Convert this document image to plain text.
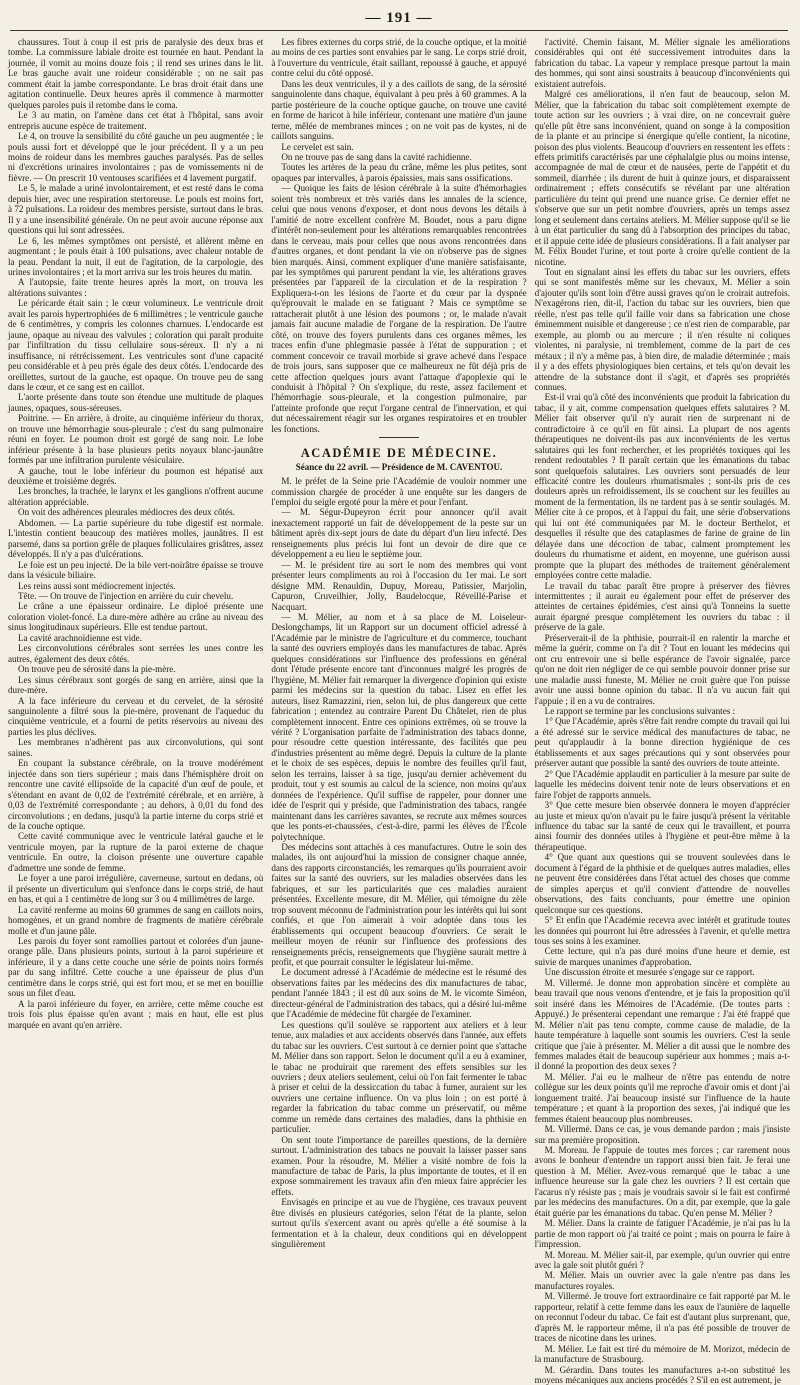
— 191 —

chaussures. Tout à coup il est pris de paralysie des deux bras et tombe. La commissure labiale droite est tournée en haut. Pendant la journée, il vomit au moins douze fois ; il rend ses urines dans le lit. Le bras gauche avait une roideur considérable ; on ne sait pas comment était la jambe correspondante. Le bras droit était dans une agitation continuelle. Deux heures après il commence à marmotter quelques paroles puis il retombe dans le coma.

Le 3 au matin, on l'amène dans cet état à l'hôpital, sans avoir entrepris aucune espèce de traitement.

Le 4, on trouve la sensibilité du côté gauche un peu augmentée ; le pouls aussi fort et développé que le jour précédent. Il y a un peu moins de roideur dans les membres gauches paralysés. Pas de selles ni d'excrétions urinaires involontaires ; pas de vomissements ni de fièvre. — On prescrit 10 ventouses scarifiées et 4 lavement purgatif.

Le 5, le malade a uriné involontairement, et est resté dans le coma depuis hier, avec une respiration stertoreuse. Le pouls est moins fort, à 72 pulsations. La roideur des membres persiste, surtout dans le bras. Il y a une insensibilité générale. On ne peut avoir aucune réponse aux questions qui lui sont adressées.

Le 6, les mêmes symptômes ont persisté, et allèrent même en augmentant ; le pouls était à 100 pulsations, avec chaleur notable de la peau. Pendant la nuit, il eut de l'agitation, de la carpologie, des urines involontaires ; et la mort arriva sur les trois heures du matin.

A l'autopsie, faite trente heures après la mort, on trouva les altérations suivantes :

Le péricarde était sain ; le cœur volumineux. Le ventricule droit avait les parois hypertrophiées de 6 millimètres ; le ventricule gauche de 6 centimètres, y compris les colonnes charnues. L'endocarde est jaune, opaque au niveau des valvules ; coloration qui paraît produite par l'infiltration du tissu cellulaire sous-séreux. Il n'y a ni insuffisance, ni rétrécissement. Les ventricules sont d'une capacité peu considérable et à peu près égale des deux côtés. L'endocarde des oreillettes, surtout de la gauche, est opaque. On trouve peu de sang dans le cœur, et ce sang est en caillot.

L'aorte présente dans toute son étendue une multitude de plaques jaunes, opaques, sous-séreuses.

Poitrine. — En arrière, à droite, au cinquième inférieur du thorax, on trouve une hémorrhagie sous-pleurale ; c'est du sang pulmonaire réuni en foyer. Le poumon droit est gorgé de sang noir. Le lobe inférieur présente à la base plusieurs petits noyaux blanc-jaunâtre formés par une infiltration purulente vésiculaire.

A gauche, tout le lobe inférieur du poumon est hépatisé aux deuxième et troisième degrés.

Les bronches, la trachée, le larynx et les ganglions n'offrent aucune altération appréciable.

On voit des adhérences pleurales médiocres des deux côtés.

Abdomen. — La partie supérieure du tube digestif est normale. L'intestin contient beaucoup des matières molles, jaunâtres. Il est parsemé, dans sa portion grêle de plaques folliculaires grisâtres, assez développés. Il n'y a pas d'ulcérations.

Le foie est un peu injecté. De la bile vert-noirâtre épaisse se trouve dans la vésicule biliaire.

Les reins aussi sont médiocrement injectés.

Tête. — On trouve de l'injection en arrière du cuir chevelu.

Le crâne a une épaisseur ordinaire. Le diploé présente une coloration violet-foncé. La dure-mère adhère au crâne au niveau des sinus longitudinaux supérieurs. Elle est tendue partout.

La cavité arachnoïdienne est vide.

Les circonvolutions cérébrales sont serrées les unes contre les autres, également des deux côtés.

On trouve peu de sérosité dans la pie-mère.

Les sinus cérébraux sont gorgés de sang en arrière, ainsi que la dure-mère.

A la face inférieure du cerveau et du cervelet, de la sérosité sanguinolente a filtré sous la pie-mère, provenant de l'aqueduc du cinquième ventricule, et a fourni de petits réservoirs au niveau des parties les plus déclives.

Les membranes n'adhèrent pas aux circonvolutions, qui sont saines.

En coupant la substance cérébrale, on la trouve modérément injectée dans son tiers supérieur ; mais dans l'hémisphère droit on rencontre une cavité ellipsoïde de la capacité d'un œuf de poule, et s'étendant en avant de 0,02 de l'extrémité cérébrale, et en arrière, à 0,03 de l'extrémité correspondante ; au dehors, à 0,01 du fond des circonvolutions ; en dedans, jusqu'à la partie interne du corps strié et de la couche optique.

Cette cavité communique avec le ventricule latéral gauche et le ventricule moyen, par la rupture de la paroi externe de chaque ventricule. En outre, la cloison présente une ouverture capable d'admettre une sonde de femme.

Le foyer a une paroi irrégulière, caverneuse, surtout en dedans, où il présente un diverticulum qui s'enfonce dans le corps strié, de haut en bas, et qui a 1 centimètre de long sur 3 ou 4 millimètres de large.

La cavité renferme au moins 60 grammes de sang en caillots noirs, homogènes, et un grand nombre de fragments de matière cérébrale molle et d'un jaune pâle.

Les parois du foyer sont ramollies partout et colorées d'un jaune-orange pâle. Dans plusieurs points, surtout à la paroi supérieure et inférieure, il y a dans cette couche une série de points noirs formés par du sang infiltré. Cette couche a une épaisseur de plus d'un centimètre dans le corps strié, qui est fort mou, et se met en bouillie sous un filet d'eau.

A la paroi inférieure du foyer, en arrière, cette même couche est trois fois plus épaisse qu'en avant ; mais en haut, elle est plus marquée en avant qu'en arrière.

Les fibres externes du corps strié, de la couche optique, et la moitié au moins de ces parties sont envahies par le sang. Le corps strié droit, à l'ouverture du ventricule, était saillant, repoussé à gauche, et appuyé contre celui du côté opposé.

Dans les deux ventricules, il y a des caillots de sang, de la sérosité sanguinolente dans chaque, équivalant à peu près à 60 grammes. A la partie postérieure de la couche optique gauche, on trouve une cavité en forme de haricot à hile inférieur, contenant une matière d'un jaune terne, mêlée de membranes minces ; on ne voit pas de kystes, ni de caillots sanguins.

Le cervelet est sain.

On ne trouve pas de sang dans la cavité rachidienne.

Toutes les artères de la peau du crâne, même les plus petites, sont opaques par intervalles, à parois épaissies, mais sans ossifications.

— Quoique les faits de lésion cérébrale à la suite d'hémorhagies soient très nombreux et très variés dans les annales de la science, celui que nous venons d'exposer, et dont nous devons les détails à l'amitié de notre excellent confrère M. Boudet, nous a paru digne d'intérêt non-seulement pour les altérations remarquables rencontrées dans le cerveau, mais pour celles que nous avons rencontrées dans d'autres organes, et dont pendant la vie on n'observe pas de signes bien marqués. Ainsi, comment expliquer d'une manière satisfaisante, par les symptômes qui parurent pendant la vie, les altérations graves présentées par l'appareil de la circulation et de la respiration ? Expliquera-t-on les lésions de l'aorte et du cœur par la dyspnée qu'éprouvait le malade en se fatiguant ? Mais ce symptôme se rattacherait plutôt à une lésion des poumons ; or, le malade n'avait jamais fait aucune maladie de l'organe de la respiration. De l'autre côté, on trouve des foyers purulents dans ces organes mêmes, les traces enfin d'une phlegmasie passée à l'état de suppuration ; et comment concevoir ce travail morbide si grave achevé dans l'espace de trois jours, sans supposer que ce malheureux ne fût déjà pris de cette affection quelques jours avant l'attaque d'apoplexie qui le conduisit à l'hôpital ? On s'explique, du reste, assez facilement et l'hémorrhagie sous-pleurale, et la congestion pulmonaire, par l'atteinte profonde que reçut l'organe central de l'innervation, et qui dut nécessairement réagir sur les organes respiratoires et en troubler les fonctions.

ACADÉMIE DE MÉDECINE.
Séance du 22 avril. — Présidence de M. CAVENTOU.

M. le préfet de la Seine prie l'Académie de vouloir nommer une commission chargée de procéder à une enquête sur les dangers de l'emploi du seigle ergoté pour la mère et pour l'enfant.

— M. Ségur-Dupeyron écrit pour annoncer qu'il avait inexactement rapporté un fait de développement de la peste sur un bâtiment après dix-sept jours de date du départ d'un lieu infecté. Des renseignements plus précis lui font un devoir de dire que ce développement a eu lieu le septième jour.

— M. le président tire au sort le nom des membres qui vont présenter leurs compliments au roi à l'occasion du 1er mai. Le sort désigne MM. Renauldin, Dupuy, Moreau, Patissier, Marjolin, Capuron, Cruveilhier, Jolly, Baudelocque, Réveillé-Parise et Nacquart.

— M. Mélier, au nom et à sa place de M. Loiseleur-Deslongchamps, lit un Rapport sur un document officiel adressé à l'Académie par le ministre de l'agriculture et du commerce, touchant la santé des ouvriers employés dans les manufactures de tabac. Après quelques considérations sur l'influence des professions en général dont l'étude présente encore tant d'inconnues malgré les progrès de l'hygiène, M. Mélier fait remarquer la divergence d'opinion qui existe parmi les médecins sur la question du tabac. Lisez en effet les auteurs, lisez Ramazzini, rien, selon lui, de plus dangereux que cette fabrication ; entendez au contraire Parent Du Châtelet, rien de plus complètement innocent. Entre ces opinions extrêmes, où se trouve la vérité ? L'organisation parfaite de l'administration des tabacs donne, pour résoudre cette question intéressante, des facilités que peu d'industries présentent au même degré. Depuis la culture de la plante et le choix de ses espèces, depuis le nombre des feuilles qu'il faut, selon les terrains, laisser à sa tige, jusqu'au dernier achèvement du produit, tout y est soumis au calcul de la science, non moins qu'aux données de l'expérience. Qu'il suffise de rappeler, pour donner une idée de l'esprit qui y préside, que l'administration des tabacs, rangée maintenant dans les carrières savantes, se recrute aux mêmes sources que les ponts-et-chaussées, c'est-à-dire, parmi les élèves de l'École polytechnique.

Des médecins sont attachés à ces manufactures. Outre le soin des malades, ils ont aujourd'hui la mission de consigner chaque année, dans des rapports circonstanciés, les remarques qu'ils pourraient avoir faites sur la santé des ouvriers, sur les maladies observées dans les fabriques, et sur les particularités que ces maladies auraient présentées. Excellente mesure, dit M. Mélier, qui témoigne du zèle trop souvent méconnu de l'administration pour les intérêts qui lui sont confiés, et que l'on aimerait à voir adoptée dans tous les établissements qui occupent beaucoup d'ouvriers. Ce serait le meilleur moyen de réunir sur l'influence des professions des renseignements précis, renseignements que l'hygiène saurait mettre à profit, et que pourrait consulter le législateur lui-même.

Le document adressé à l'Académie de médecine est le résumé des observations faites par les médecins des dix manufactures de tabac, pendant l'année 1843 ; il est dû aux soins de M. le vicomte Siméon, directeur-général de l'administration des tabacs, qui a désiré lui-même que l'Académie de médecine fût chargée de l'examiner.

Les questions qu'il soulève se rapportent aux ateliers et à leur tenue, aux maladies et aux accidents observés dans l'année, aux effets du tabac sur les ouvriers. C'est surtout à ce dernier point que s'attache M. Mélier dans son rapport. Selon le document qu'il a eu à examiner, le tabac ne produirait que rarement des effets sensibles sur les ouvriers ; deux ateliers seulement, celui où l'on fait fermenter le tabac à priser et celui de la dessiccation du tabac à fumer, auraient sur les ouvriers une certaine influence. On va plus loin ; on est porté à regarder la fabrication du tabac comme un préservatif, ou même comme un remède dans certaines des maladies, dans la phthisie en particulier.

On sent toute l'importance de pareilles questions, de la dernière surtout. L'administration des tabacs ne pouvait la laisser passer sans examen. Pour la résoudre, M. Mélier a visité nombre de fois la manufacture de tabac de Paris, la plus importante de toutes, et il en expose sommairement les travaux afin d'en mieux faire apprécier les effets.

Envisagés en principe et au vue de l'hygiène, ces travaux peuvent être divisés en plusieurs catégories, selon l'état de la plante, selon surtout qu'ils s'exercent avant ou après qu'elle a été soumise à la fermentation et à la chaleur, deux conditions qui en développent singulièrement

l'activité. Chemin faisant, M. Mélier signale les améliorations considérables qui ont été successivement introduites dans la fabrication du tabac. La vapeur y remplace presque partout la main des hommes, qui sont ainsi soustraits à beaucoup d'inconvénients qui existaient autrefois.

Malgré ces améliorations, il n'en faut de beaucoup, selon M. Mélier, que la fabrication du tabac soit complètement exempte de toute action sur les ouvriers ; à vrai dire, on ne concevrait guère qu'elle pût être sans inconvénient, quand on songe à la composition de la plante et au principe si énergique qu'elle contient, la nicotine, poison des plus violents. Beaucoup d'ouvriers en ressentent les effets : effets primitifs caractérisés par une céphalalgie plus ou moins intense, accompagnée de mal de cœur et de nausées, perte de l'appétit et du sommeil, diarrhée ; ils durent de huit à quinze jours, et disparaissent ordinairement ; effets consécutifs se révélant par une altération particulière du teint qui prend une nuance grise. Ce dernier effet ne s'observe que sur un petit nombre d'ouvriers, après un temps assez long et seulement dans certains ateliers. M. Mélier suppose qu'il se lie à un état particulier du sang dû à l'absorption des principes du tabac, et il appuie cette idée de plusieurs considérations. Il a fait analyser par M. Félix Boudet l'urine, et tout porte à croire qu'elle contient de la nicotine.

Tout en signalant ainsi les effets du tabac sur les ouvriers, effets qui se sont manifestés même sur les chevaux, M. Mélier a soin d'ajouter qu'ils sont loin d'être aussi graves qu'on le croirait autrefois. N'exagérons rien, dit-il, l'action du tabac sur les ouvriers, bien que réelle, n'est pas telle qu'il faille voir dans sa fabrication une chose éminemment nuisible et dangereuse ; ce n'est rien de comparable, par exemple, au plomb ou au mercure ; il n'en résulte ni coliques violentes, ni paralysie, ni tremblement, comme de la part de ces métaux ; il n'y a même pas, à bien dire, de maladie déterminée ; mais il y a des effets physiologiques bien certains, et tels qu'on devait les attendre de la substance dont il s'agit, et d'après ses propriétés connues.

Est-il vrai qu'à côté des inconvénients que produit la fabrication du tabac, il y ait, comme compensation quelques effets salutaires ? M. Mélier fait observer qu'il n'y aurait rien de surprenant ni de contradictoire à ce qu'il en fût ainsi. La plupart de nos agents thérapeutiques ne doivent-ils pas aux inconvénients de les vertus salutaires qui les font rechercher, et les propriétés toxiques qui les rendent redoutables ? Il paraît certain que les émanations du tabac sont quelquefois salutaires. Les ouvriers sont persuadés de leur efficacité contre les douleurs rhumatismales ; sont-ils pris de ces douleurs après un refroidissement, ils se couchent sur les feuilles au moment de la fermentation, ils ne tardent pas à se sentir soulagés. M. Mélier cite à ce propos, et à l'appui du fait, une série d'observations qui lui ont été communiquées par M. le docteur Berthelot, et desquelles il résulte que des cataplasmes de farine de graine de lin délayée dans une décoction de tabac, calment promptement les douleurs du rhumatisme et aident, en moyenne, une guérison aussi prompte que la plupart des méthodes de traitement généralement employées contre cette maladie.

Le travail du tabac paraît être propre à préserver des fièvres intermittentes ; il aurait eu également pour effet de préserver des atteintes de certaines épidémies, c'est ainsi qu'à Tonneins la suette aurait épargné presque complètement les ouvriers du tabac : il préserve de la gale.

Préserverait-il de la phthisie, pourrait-il en ralentir la marche et même la guérir, comme on l'a dit ? Tout en louant les médecins qui ont cru entrevoir une si belle espérance de l'avoir signalée, parce qu'on ne doit rien négliger de ce qui semble pouvoir donner prise sur une maladie aussi funeste, M. Mélier ne croit guère que l'on puisse avoir une aussi bonne opinion du tabac. Il n'a vu aucun fait qui l'appuie ; il en a vu de contraires.

Le rapport se termine par les conclusions suivantes :

1° Que l'Académie, après s'être fait rendre compte du travail qui lui a été adressé sur le service médical des manufactures de tabac, ne peut qu'applaudir à la bonne direction hygiénique de ces établissements et aux sages précautions qui y sont observées pour préserver autant que possible la santé des ouvriers de toute atteinte.

2° Que l'Académie applaudit en particulier à la mesure par suite de laquelle les médecins doivent tenir note de leurs observations et en faire l'objet de rapports annuels.

3° Que cette mesure bien observée donnera le moyen d'apprécier au juste et mieux qu'on n'avait pu le faire jusqu'à présent la véritable influence du tabac sur la santé de ceux qui le travaillent, et pourra ainsi fournir des données utiles à l'hygiène et peut-être même à la thérapeutique.

4° Que quant aux questions qui se trouvent soulevées dans le document à l'égard de la phthisie et de quelques autres maladies, elles ne peuvent être considérées dans l'état actuel des choses que comme de simples aperçus et qu'il convient d'attendre de nouvelles observations, des faits concluants, pour émettre une opinion quelconque sur ces questions.

5° Et enfin que l'Académie recevra avec intérêt et gratitude toutes les données qui pourront lui être adressées à l'avenir, et qu'elle mettra tous ses soins à les examiner.

Cette lecture, qui n'a pas duré moins d'une heure et demie, est suivie de marques unanimes d'approbation.

Une discussion étroite et mesurée s'engage sur ce rapport.

M. Villermé. Je donne mon approbation sincère et complète au beau travail que nous venons d'entendre, et je fais la proposition qu'il soit inséré dans les Mémoires de l'Académie. (De toutes parts : Appuyé.) Je présenterai cependant une remarque : J'ai été frappé que M. Mélier n'ait pas tenu compte, comme cause de maladie, de la haute température à laquelle sont soumis les ouvriers. C'est la seule critique que j'aie à présenter. M. Mélier a dit aussi que le nombre des femmes malades était de beaucoup supérieur aux hommes ; mais a-t-il donné la proportion des deux sexes ?

M. Mélier. J'ai eu le malheur de n'être pas entendu de notre collègue sur les deux points qu'il me reproche d'avoir omis et dont j'ai longuement traité. J'ai beaucoup insisté sur l'influence de la haute température ; et quant à la proportion des sexes, j'ai indiqué que les femmes étaient beaucoup plus nombreuses.

M. Villermé. Dans ce cas, je vous demande pardon ; mais j'insiste sur ma première proposition.

M. Moreau. Je l'appuie de toutes mes forces ; car rarement nous avons le bonheur d'entendre un rapport aussi bien fait. Je ferai une question à M. Mélier. Avez-vous remarqué que le tabac a une influence heureuse sur la gale chez les ouvriers ? Il est certain que l'acarus n'y résiste pas ; mais je voudrais savoir si le fait est confirmé par les médecins des manufactures. On a dit, par exemple, que la gale était guérie par les émanations du tabac. Qu'en pense M. Mélier ?

M. Mélier. Dans la crainte de fatiguer l'Académie, je n'ai pas lu la partie de mon rapport où j'ai traité ce point ; mais on pourra le faire à l'impression.

M. Moreau. M. Mélier sait-il, par exemple, qu'un ouvrier qui entre avec la gale soit plutôt guéri ?

M. Mélier. Mais un ouvrier avec la gale n'entre pas dans les manufactures royales.

M. Villermé. Je trouve fort extraordinaire ce fait rapporté par M. le rapporteur, relatif à cette femme dans les eaux de l'aunière de laquelle on reconnut l'odeur du tabac. Ce fait est d'autant plus surprenant, que, d'après M. le rapporteur même, il n'a pas été possible de trouver de traces de nicotine dans les urines.

M. Mélier. Le fait est tiré du mémoire de M. Morizot, médecin de la manufacture de Strasbourg.

M. Gérardin. Dans toutes les manufactures a-t-on substitué les moyens mécaniques aux anciens procédés ? S'il en est autrement, je
